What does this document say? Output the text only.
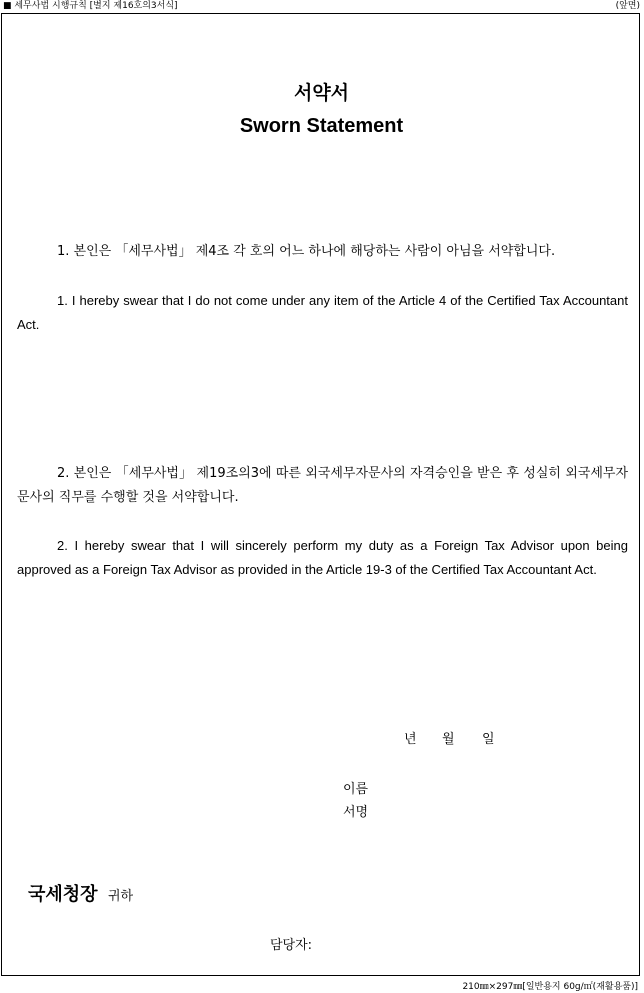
■ 세무사법 시행규칙 [별지 제16호의3서식]	(앞면)
서약서
Sworn Statement
1. 본인은 「세무사법」 제4조 각 호의 어느 하나에 해당하는 사람이 아님을 서약합니다.
1. I hereby swear that I do not come under any item of the Article 4 of the Certified Tax Accountant Act.
2. 본인은 「세무사법」 제19조의3에 따른 외국세무자문사의 자격승인을 받은 후 성실히 외국세무자문사의 직무를 수행할 것을 서약합니다.
2. I hereby swear that I will sincerely perform my duty as a Foreign Tax Advisor upon being approved as a Foreign Tax Advisor as provided in the Article 19-3 of the Certified Tax Accountant Act.
년 월 일
이름
서명
국세청장 귀하
담당자:
210㎜×297㎜[일반용지 60g/㎡(재활용품)]
